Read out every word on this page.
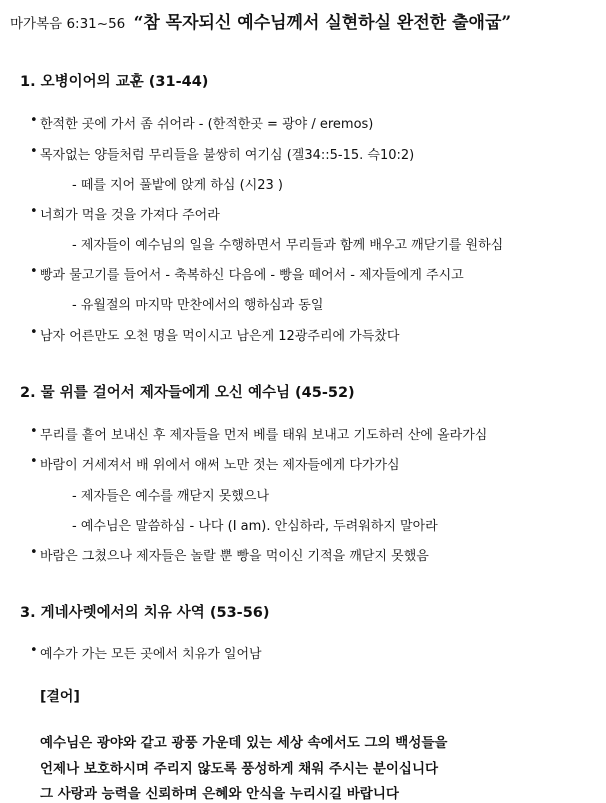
마가복음 6:31~56 “참 목자되신 예수님께서 실현하실 완전한 출애굽”
1. 오병이어의 교훈 (31-44)
• 한적한 곳에 가서 좀 쉬어라 - (한적한곳 = 광야 / eremos)
• 목자없는 양들처럼 무리들을 불쌍히 여기심 (겔34::5-15. 슥10:2)
- 떼를 지어 풀밭에 앉게 하심 (시23 )
• 너희가 먹을 것을 가져다 주어라
- 제자들이 예수님의 일을 수행하면서 무리들과 함께 배우고 깨닫기를 원하심
• 빵과 물고기를 들어서 - 축복하신 다음에 - 빵을 떼어서 - 제자들에게 주시고
- 유월절의 마지막 만찬에서의 행하심과 동일
• 남자 어른만도 오천 명을 먹이시고 남은게 12광주리에 가득찼다
2. 물 위를 걸어서 제자들에게 오신 예수님 (45-52)
• 무리를 흩어 보내신 후 제자들을 먼저 베를 태워 보내고 기도하러 산에 올라가심
• 바람이 거세져서 배 위에서 애써 노만 젓는 제자들에게 다가가심
- 제자들은 예수를 깨닫지 못했으나
- 예수님은 말씀하심 - 나다 (I am). 안심하라, 두려워하지 말아라
• 바람은 그쳤으나 제자들은 놀랄 뿐 빵을 먹이신 기적을 깨닫지 못했음
3. 게네사렛에서의 치유 사역 (53-56)
• 예수가 가는 모든 곳에서 치유가 일어남
[결어]
예수님은 광야와 같고 광풍 가운데 있는 세상 속에서도 그의 백성들을
언제나 보호하시며 주리지 않도록 풍성하게 채워 주시는 분이십니다
그 사랑과 능력을 신뢰하며 은혜와 안식을 누리시길 바랍니다
